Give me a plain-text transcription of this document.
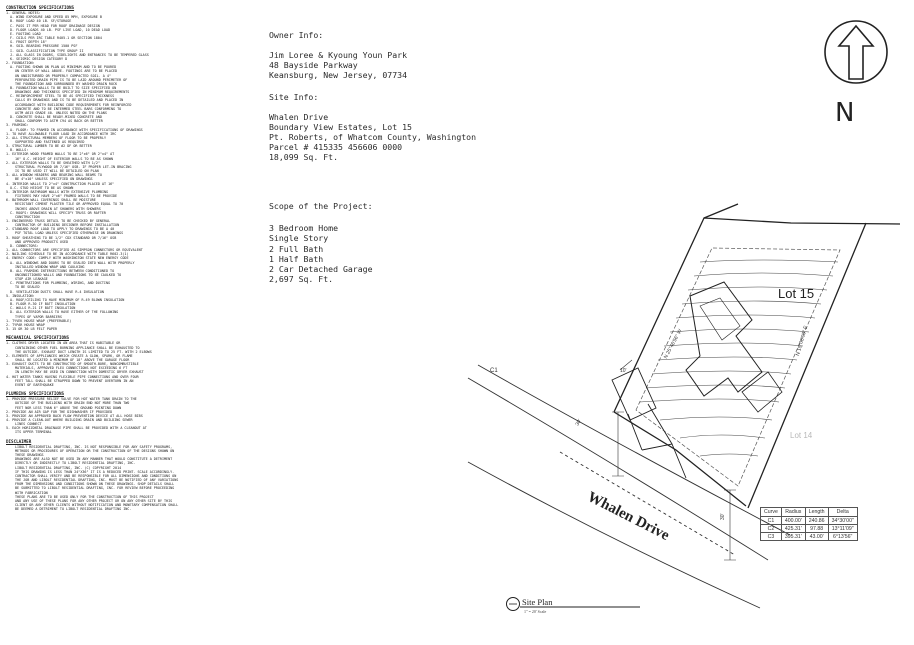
CONSTRUCTION SPECIFICATIONS
1. GENERAL NOTES:
A. WIND EXPOSURE AND SPEED 85 MPH, EXPOSURE B
B. ROOF LOAD 40 LB. SF/STORAGE
C. PASS IT PER HEAD FOR ROOF DRAINAGE DESIGN
D. FLOOR LOADS 40 LB. PSF LIVE LOAD, 10 DEAD LOAD
E. FOOTING LOAD
F. COILS PER IRC TABLE R405.1 OR SECTION 1804
G. FROST DEPTH 18"
H. SOIL BEARING PRESSURE 1500 PSF
I. SOIL CLASSIFICATION TYPE GROUP II
J. ALL GLASS IN DOORS, SIDELIGHTS AND ENTRANCES TO BE TEMPERED GLASS
K. SEISMIC DESIGN CATEGORY D
2. FOUNDATION:
A. FOOTING SHOWN ON PLAN AS MINIMUM AND TO BE POURED
ON CENTER OF WALL ABOVE. FOOTINGS ARE TO BE PLACED
ON UNDISTURBED OR PROPERLY COMPACTED SOIL. A 4"
PERFORATED DRAIN PIPE IS TO BE LAID AROUND PERIMETER OF
THE FOUNDATION AND SURROUNDED BY WASHED DRAIN ROCK
B. FOUNDATION WALLS TO BE BUILT TO SIZE SPECIFIED ON
DRAWINGS AND THICKNESS SPECIFIED IN MINIMUM REQUIREMENTS
C. REINFORCEMENT STEEL TO BE AS SPECIFIED THICKNESS
CALLS BY DRAWINGS AND IS TO BE DETAILED AND PLACED IN
ACCORDANCE WITH BUILDING CODE REQUIREMENTS FOR REINFORCED
CONCRETE AND TO BE INTERMED STEEL BARS CONFORMING TO
ASTM A615 GRADE 40. UNLESS NOTED ON THE PLANS
D. CONCRETE SHALL BE READY-MIXED CONCRETE AND
SHALL CONFORM TO ASTM C94 AS BACK OR BETTER
3. FRAMING:
A. FLOOR: TO FRAMED IN ACCORDANCE WITH SPECIFICATIONS OF DRAWINGS
1. TO HAVE ALLOWABLE FLOOR LOAD IN ACCORDANCE WITH IRC
2. ALL STRUCTURAL MEMBERS OF FLOOR TO BE PROPERLY
SUPPORTED AND FASTENED AS REQUIRED
3. STRUCTURAL LUMBER TO BE #2 DF OR BETTER
B. WALLS:
1. EXTERIOR WOOD FRAMED WALLS TO BE 2"x6" OR 2"x4" AT
16" O.C. HEIGHT OF EXTERIOR WALLS TO BE AS SHOWN
2. ALL EXTERIOR WALLS TO BE SHEATHED WITH 1/2"
STRUCTURAL PLYWOOD OR 7/16" OSB. IF PROPER LET-IN BRACING
IS TO BE USED IT WILL BE DETAILED ON PLAN
3. ALL WINDOW HEADERS AND BEARING WALL BEAMS TO
BE 4"x10" UNLESS SPECIFIED ON DRAWINGS
4. INTERIOR WALLS TO 2"x4" CONSTRUCTION PLACED AT 16"
O.C. STUD HEIGHT TO BE AS SHOWN
5. INTERIOR BATHROOM WALLS WITH EXTENSIVE PLUMBING
FIXTURES MAY HAVE 2"x6" FRAMED WALLS TO BE PROVIDE
6. BATHROOM WALL COVERINGS SHALL BE MOISTURE
RESISTANT CEMENT PLASTER TILE OR APPROVED EQUAL TO 70
INCHES ABOVE DRAIN AT SHOWERS WITH SHOWERS
C. ROOFS: DRAWINGS WILL SPECIFY TRUSS OR RAFTER
CONSTRUCTION
1. ENGINEERED TRUSS DETAIL TO BE CHECKED BY GENERAL
CONTRACTOR OF BUILDING DESIGNER BEFORE INSTALLATION
2. STANDARD ROOF LOAD TO APPLY TO DRAWINGS TO BE A 40
PSF TOTAL LOAD UNLESS SPECIFIED OTHERWISE ON DRAWINGS
3. ROOF SHEATHING TO BE 1/2" CDX STANDARD OR 7/16" OSB
AND APPROVED PRODUCTS USED
D. CONNECTORS:
1. ALL CONNECTORS ARE SPECIFIED AS SIMPSON CONNECTORS OR EQUIVALENT
2. NAILING SCHEDULE TO BE IN ACCORDANCE WITH TABLE R602.3(1)
4. ENERGY CODE: COMPLY WITH WASHINGTON STATE NEW ENERGY CODE
A. ALL WINDOWS AND DOORS TO BE SEALED INTO WALL WITH PROPERLY
INSTALLED WINDOW WRAP AND CAULKING
B. ALL FRAMING INTERSECTIONS BETWEEN CONDITIONED TO
UNCONDITIONED WALLS AND FOUNDATIONS TO BE CAULKED TO
STOP AIR LEAKAGE
C. PENETRATIONS FOR PLUMBING, WIRING, AND DUCTING
TO BE SEALED
D. VENTILATION DUCTS SHALL HAVE R-4 INSULATION
5. INSULATION:
A. ROOF/CEILING TO HAVE MINIMUM OF R-49 BLOWN INSULATION
B. FLOOR R-30 IF BATT INSULATION
C. WALLS R-21 IF BATT INSULATION
D. ALL EXTERIOR WALLS TO HAVE EITHER OF THE FOLLOWING
TYPES OF VAPOR BARRIERS
1. TYVEK HOUSE WRAP (PREFERABLE)
2. TYPAR HOUSE WRAP
3. 15 OR 30 LB FELT PAPER
MECHANICAL SPECIFICATIONS
1. CLOTHES DRYER LOCATED IN AN AREA THAT IS HABITABLE OR
CONTAINING OTHER FUEL BURNING APPLIANCE SHALL BE EXHAUSTED TO
THE OUTSIDE. EXHAUST DUCT LENGTH IS LIMITED TO 25 FT. WITH 2 ELBOWS
2. ELEMENTS OF APPLIANCES WHICH CREATE A GLOW, SPARK, OR FLAME
SHALL BE LOCATED A MINIMUM OF 18" ABOVE THE GARAGE FLOOR
3. EXHAUST DUCTS TO BE CONSTRUCTED OF SMOOTH-BORE, NONCOMBUSTIBLE
MATERIALS, APPROVED FLEX CONNECTIONS NOT EXCEEDING 6 FT
IN LENGTH MAY BE USED IN CONNECTION WITH DOMESTIC DRYER EXHAUST
4. HOT WATER TANKS HAVING FLEXIBLE PIPE CONNECTIONS AND OVER FOUR
FEET TALL SHALL BE STRAPPED DOWN TO PREVENT OVERTURN IN AN
EVENT OF EARTHQUAKE
PLUMBING SPECIFICATIONS
1. PROVIDE PRESSURE RELIEF VALVE FOR HOT WATER TANK DRAIN TO THE
OUTSIDE OF THE BUILDING WITH DRAIN END NOT MORE THAN TWO
FEET NOR LESS THAN 6" ABOVE THE GROUND POINTING DOWN
2. PROVIDE AN AIR GAP FOR THE DISHWASHER IF PROVIDED
3. PROVIDE AN APPROVED BACK FLOW PREVENTION DEVICE AT ALL HOSE BIBS
4. PROVIDE A CLEAN-OUT WHERE BUILDING DRAIN AND BUILDING SEWER
LINES CONNECT
5. EACH HORIZONTAL DRAINAGE PIPE SHALL BE PROVIDED WITH A CLEANOUT AT
ITS UPPER TERMINAL
DISCLAIMER
LIBOLT RESIDENTIAL DRAFTING, INC. IS NOT RESPONSIBLE FOR ANY SAFETY PROGRAMS,
METHODS OR PROCEDURES OF OPERATION OR THE CONSTRUCTION OF THE DESIGNS SHOWN ON
THESE DRAWINGS
DRAWINGS ARE ALSO NOT BE USED IN ANY MANNER THAT WOULD CONSTITUTE A DETRIMENT
DIRECTLY OR INDIRECTLY TO LIBOLT RESIDENTIAL DRAFTING, INC.
LIBOLT RESIDENTIAL DRAFTING, INC. (C) COPYRIGHT 2014
IF THIS DRAWING IS LESS THAN 24"X36" IT IS A REDUCED PRINT. SCALE ACCORDINGLY.
CONTRACTOR SHALL VERIFY AND BE RESPONSIBLE FOR ALL DIMENSIONS AND CONDITIONS ON
THE JOB AND LIBOLT RESIDENTIAL DRAFTING, INC. MUST BE NOTIFIED OF ANY VARIATIONS
FROM THE DIMENSIONS AND CONDITIONS SHOWN ON THESE DRAWINGS. SHOP DETAILS SHALL
BE SUBMITTED TO LIBOLT RESIDENTIAL DRAFTING, INC. FOR REVIEW BEFORE PROCEEDING
WITH FABRICATION
THESE PLANS ARE TO BE USED ONLY FOR THE CONSTRUCTION OF THIS PROJECT
AND ANY USE OF THESE PLANS FOR ANY OTHER PROJECT OR ON ANY OTHER SITE BY THIS
CLIENT OR ANY OTHER CLIENTS WITHOUT NOTIFICATION AND MONETARY COMPENSATION SHALL
BE DEEMED A DETRIMENT TO LIBOLT RESIDENTIAL DRAFTING INC.
Owner Info:
Jim Loree & Kyoung Youn Park
48 Bayside Parkway
Keansburg, New Jersey, 07734
Site Info:
Whalen Drive
Boundary View Estates, Lot 15
Pt. Roberts, of Whatcom County, Washington
Parcel # 415335 456606 0000
18,099 Sq. Ft.
Scope of the Project:
3 Bedroom Home
Single Story
2 Full Bath
1 Half Bath
2 Car Detached Garage
2,697 Sq. Ft.
C1
30'
30'
10'
N
Lot 15
Lot 14
Whalen Drive
N 25°46'56" W	N 15°06'03" E
Curve	Radius	Length	Delta
C1	400.00'	240.86	34°30'00"
C2	425.31'	97.88	13°11'09"
C3	395.31'	43.00'	6°13'56"
Site Plan
1" = 20' Scale
